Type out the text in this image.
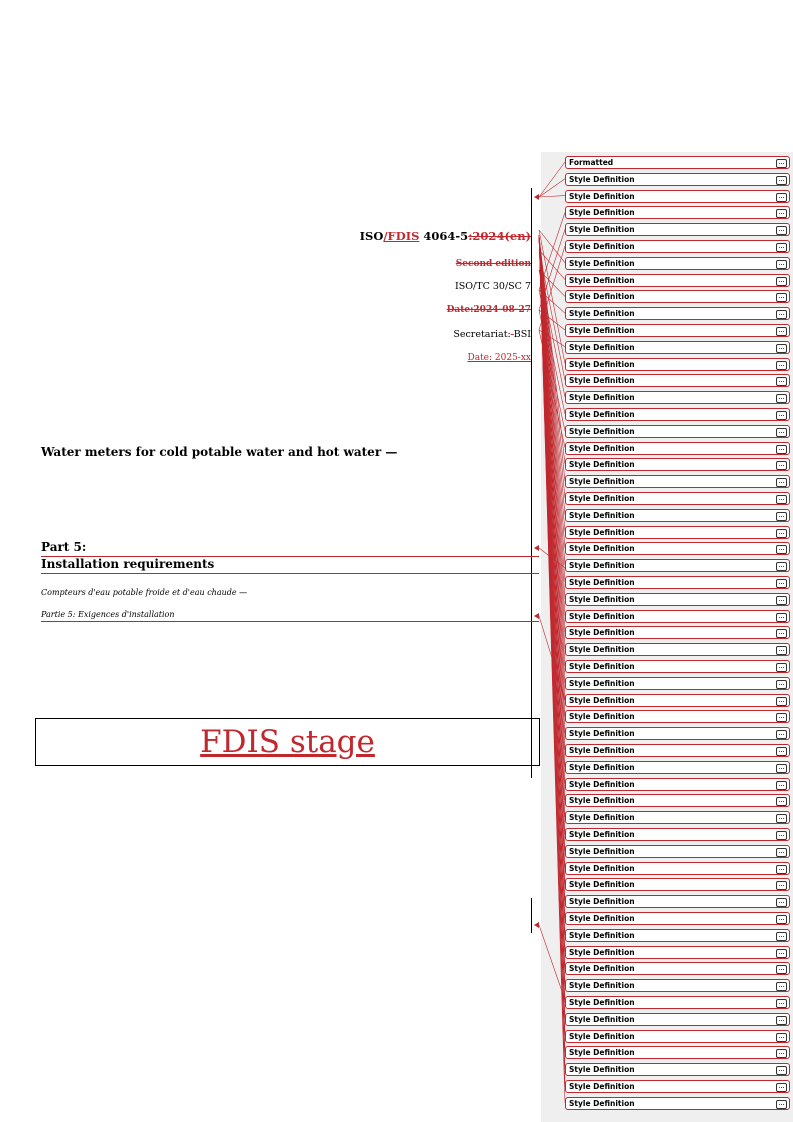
ISO/FDIS 4064-5:2024(en)
Second edition
ISO/TC 30/SC 7
Date:2024-08-27
Secretariat: BSI
Date: 2025-xx
Water meters for cold potable water and hot water —
Part 5:
Installation requirements
Compteurs d'eau potable froide et d'eau chaude —
Partie 5: Exigences d'installation
FDIS stage
Formatted	...
Style Definition	...
Style Definition	...
Style Definition	...
Style Definition	...
Style Definition	...
Style Definition	...
Style Definition	...
Style Definition	...
Style Definition	...
Style Definition	...
Style Definition	...
Style Definition	...
Style Definition	...
Style Definition	...
Style Definition	...
Style Definition	...
Style Definition	...
Style Definition	...
Style Definition	...
Style Definition	...
Style Definition	...
Style Definition	...
Style Definition	...
Style Definition	...
Style Definition	...
Style Definition	...
Style Definition	...
Style Definition	...
Style Definition	...
Style Definition	...
Style Definition	...
Style Definition	...
Style Definition	...
Style Definition	...
Style Definition	...
Style Definition	...
Style Definition	...
Style Definition	...
Style Definition	...
Style Definition	...
Style Definition	...
Style Definition	...
Style Definition	...
Style Definition	...
Style Definition	...
Style Definition	...
Style Definition	...
Style Definition	...
Style Definition	...
Style Definition	...
Style Definition	...
Style Definition	...
Style Definition	...
Style Definition	...
Style Definition	...
Style Definition	...
